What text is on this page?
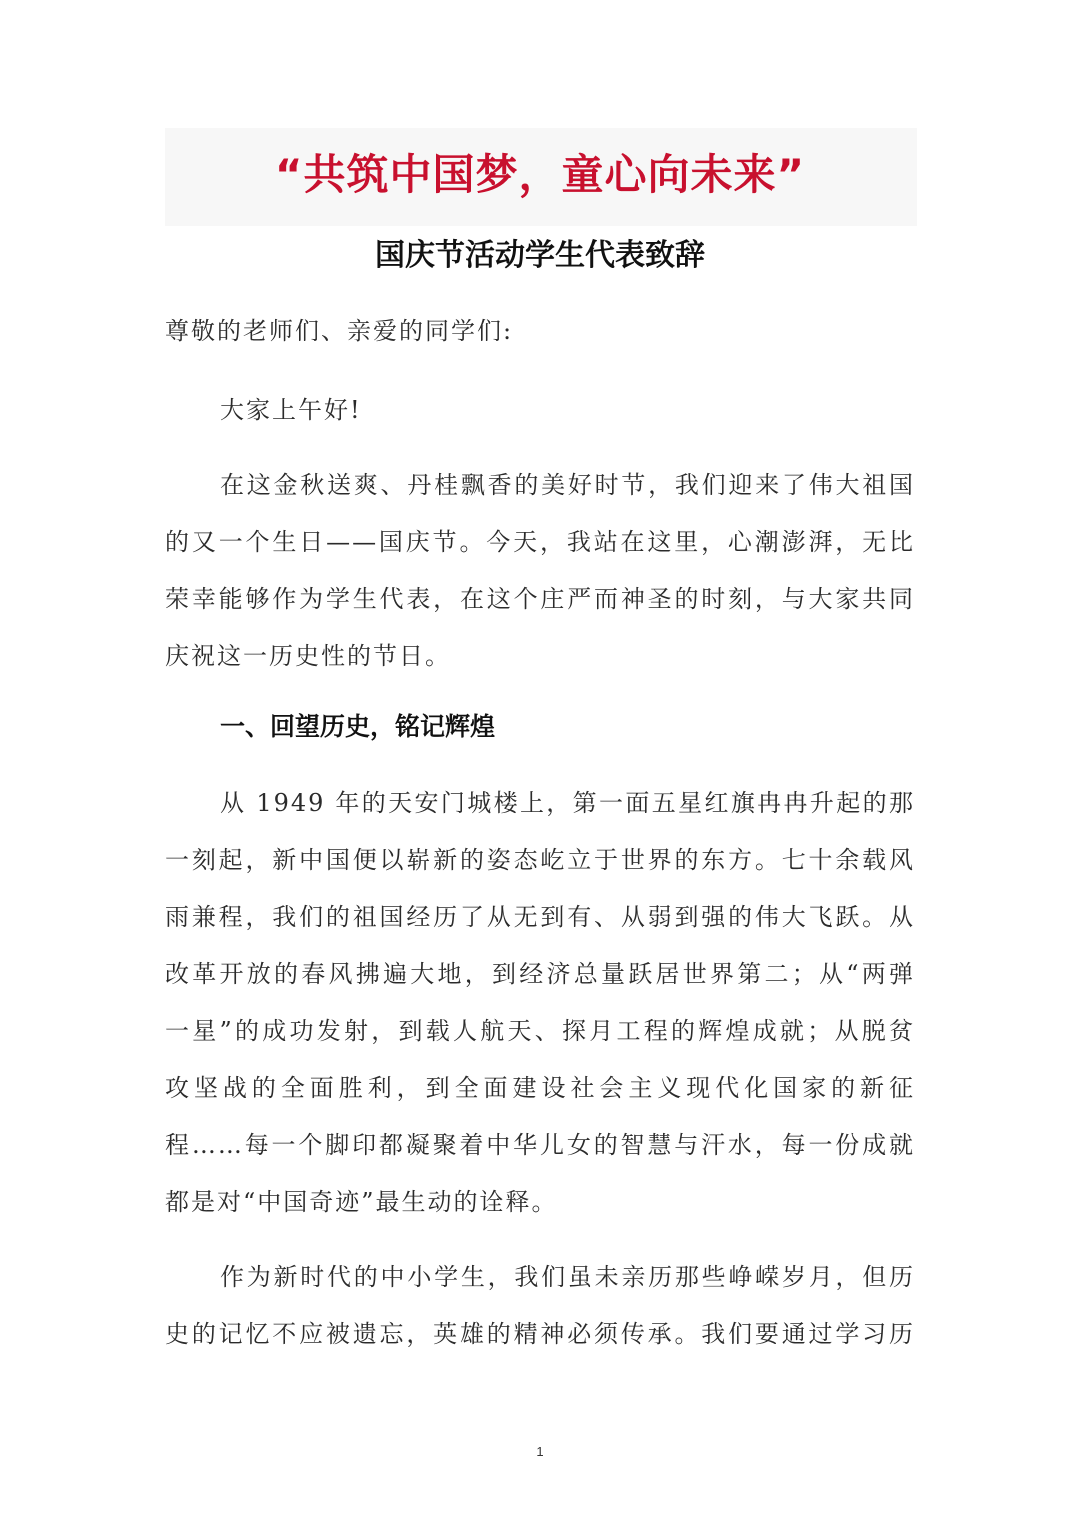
“共筑中国梦，童心向未来”
国庆节活动学生代表致辞
尊敬的老师们、亲爱的同学们:
大家上午好!
在这金秋送爽、丹桂飘香的美好时节，我们迎来了伟大祖国
的又一个生日——国庆节。今天，我站在这里，心潮澎湃，无比
荣幸能够作为学生代表，在这个庄严而神圣的时刻，与大家共同
庆祝这一历史性的节日。
一、回望历史，铭记辉煌
从 1949 年的天安门城楼上，第一面五星红旗冉冉升起的那
一刻起，新中国便以崭新的姿态屹立于世界的东方。七十余载风
雨兼程，我们的祖国经历了从无到有、从弱到强的伟大飞跃。从
改革开放的春风拂遍大地，到经济总量跃居世界第二；从“两弹
一星”的成功发射，到载人航天、探月工程的辉煌成就；从脱贫
攻坚战的全面胜利，到全面建设社会主义现代化国家的新征
程……每一个脚印都凝聚着中华儿女的智慧与汗水，每一份成就
都是对“中国奇迹”最生动的诠释。
作为新时代的中小学生，我们虽未亲历那些峥嵘岁月，但历
史的记忆不应被遗忘，英雄的精神必须传承。我们要通过学习历
1
